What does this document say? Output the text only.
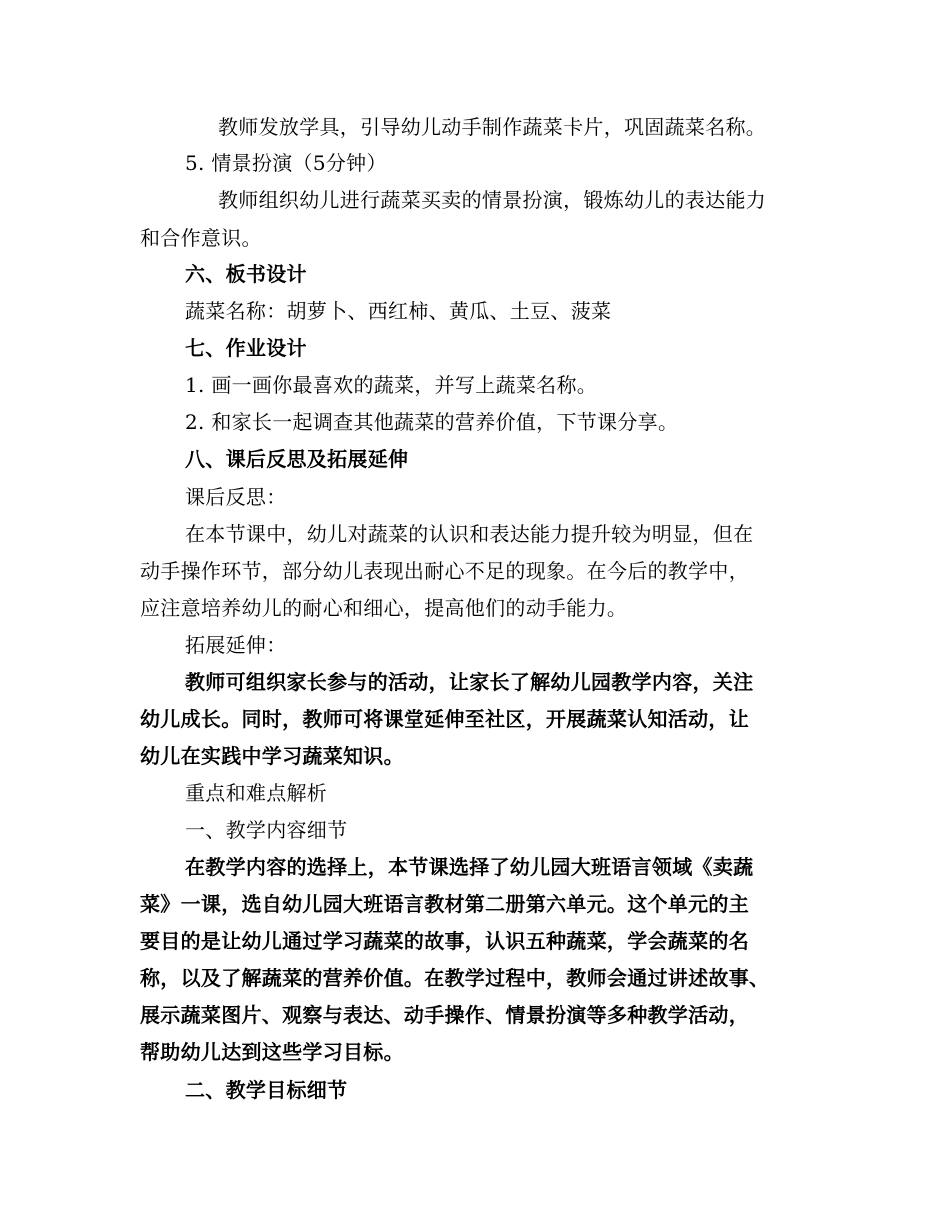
教师发放学具，引导幼儿动手制作蔬菜卡片，巩固蔬菜名称。
5. 情景扮演（5分钟）
教师组织幼儿进行蔬菜买卖的情景扮演，锻炼幼儿的表达能力
和合作意识。
六、板书设计
蔬菜名称：胡萝卜、西红柿、黄瓜、土豆、菠菜
七、作业设计
1. 画一画你最喜欢的蔬菜，并写上蔬菜名称。
2. 和家长一起调查其他蔬菜的营养价值，下节课分享。
八、课后反思及拓展延伸
课后反思：
在本节课中，幼儿对蔬菜的认识和表达能力提升较为明显，但在
动手操作环节，部分幼儿表现出耐心不足的现象。在今后的教学中，
应注意培养幼儿的耐心和细心，提高他们的动手能力。
拓展延伸：
教师可组织家长参与的活动，让家长了解幼儿园教学内容，关注
幼儿成长。同时，教师可将课堂延伸至社区，开展蔬菜认知活动，让
幼儿在实践中学习蔬菜知识。
重点和难点解析
一、教学内容细节
在教学内容的选择上，本节课选择了幼儿园大班语言领域《卖蔬
菜》一课，选自幼儿园大班语言教材第二册第六单元。这个单元的主
要目的是让幼儿通过学习蔬菜的故事，认识五种蔬菜，学会蔬菜的名
称，以及了解蔬菜的营养价值。在教学过程中，教师会通过讲述故事、
展示蔬菜图片、观察与表达、动手操作、情景扮演等多种教学活动，
帮助幼儿达到这些学习目标。
二、教学目标细节
